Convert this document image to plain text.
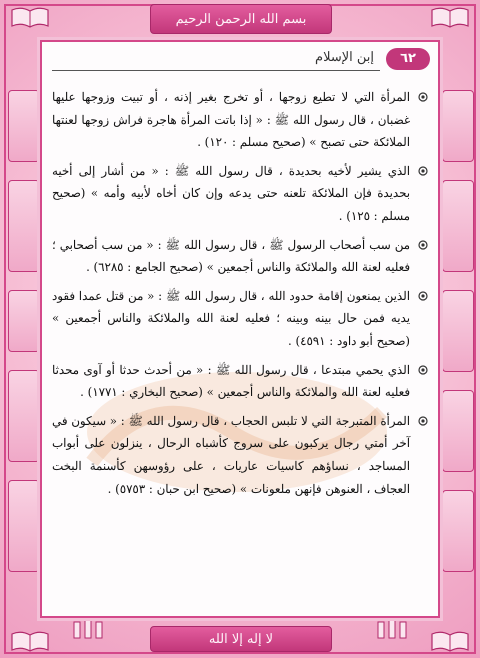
بسم الله الرحمن الرحيم
لا إله إلا الله
٦٢
إبن الإسلام

المرأة التي لا تطيع زوجها ، أو تخرج بغير إذنه ، أو تبيت وزوجها عليها غضبان ، قال رسول الله ﷺ : « إذا باتت المرأة هاجرة فراش زوجها لعنتها الملائكة حتى تصبح » (صحيح مسلم : ١٢٠) .

الذي يشير لأخيه بحديدة ، قال رسول الله ﷺ : « من أشار إلى أخيه بحديدة فإن الملائكة تلعنه حتى يدعه وإن كان أخاه لأبيه وأمه » (صحيح مسلم : ١٢٥) .

من سب أصحاب الرسول ﷺ ، قال رسول الله ﷺ : « من سب أصحابي ؛ فعليه لعنة الله والملائكة والناس أجمعين » (صحيح الجامع : ٦٢٨٥) .

الذين يمنعون إقامة حدود الله ، قال رسول الله ﷺ : « من قتل عمدا فقود يديه فمن حال بينه وبينه ؛ فعليه لعنة الله والملائكة والناس أجمعين » (صحيح أبو داود : ٤٥٩١) .

الذي يحمي مبتدعا ، قال رسول الله ﷺ : « من أحدث حدثا أو آوى محدثا فعليه لعنة الله والملائكة والناس أجمعين » (صحيح البخاري : ١٧٧١) .

المرأة المتبرجة التي لا تلبس الحجاب ، قال رسول الله ﷺ : « سيكون في آخر أمتي رجال يركبون على سروج كأشباه الرحال ، ينزلون على أبواب المساجد ، نساؤهم كاسيات عاريات ، على رؤوسهن كأسنمة البخت العجاف ، العنوهن فإنهن ملعونات » (صحيح ابن حبان : ٥٧٥٣) .
